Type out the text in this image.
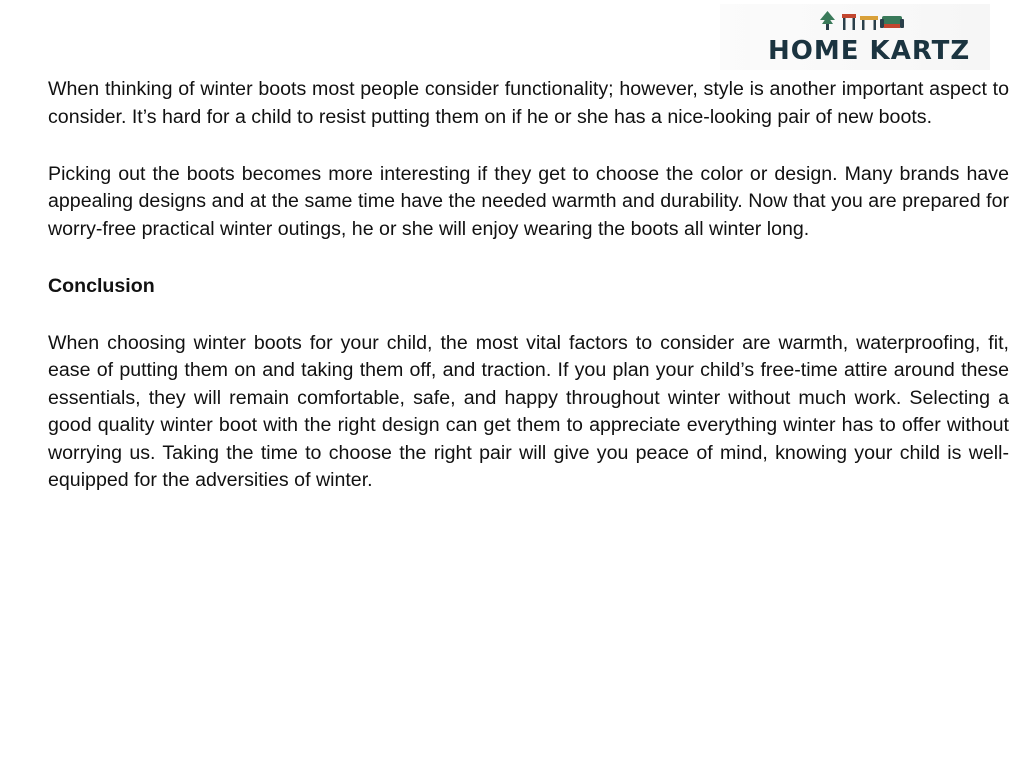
HOME KARTZ

When thinking of winter boots most people consider functionality; however, style is another important aspect to consider. It’s hard for a child to resist putting them on if he or she has a nice-looking pair of new boots.

Picking out the boots becomes more interesting if they get to choose the color or design. Many brands have appealing designs and at the same time have the needed warmth and durability. Now that you are prepared for worry-free practical winter outings, he or she will enjoy wearing the boots all winter long.

Conclusion

When choosing winter boots for your child, the most vital factors to consider are warmth, waterproofing, fit, ease of putting them on and taking them off, and traction. If you plan your child’s free-time attire around these essentials, they will remain comfortable, safe, and happy throughout winter without much work. Selecting a good quality winter boot with the right design can get them to appreciate everything winter has to offer without worrying us. Taking the time to choose the right pair will give you peace of mind, knowing your child is well-equipped for the adversities of winter.
